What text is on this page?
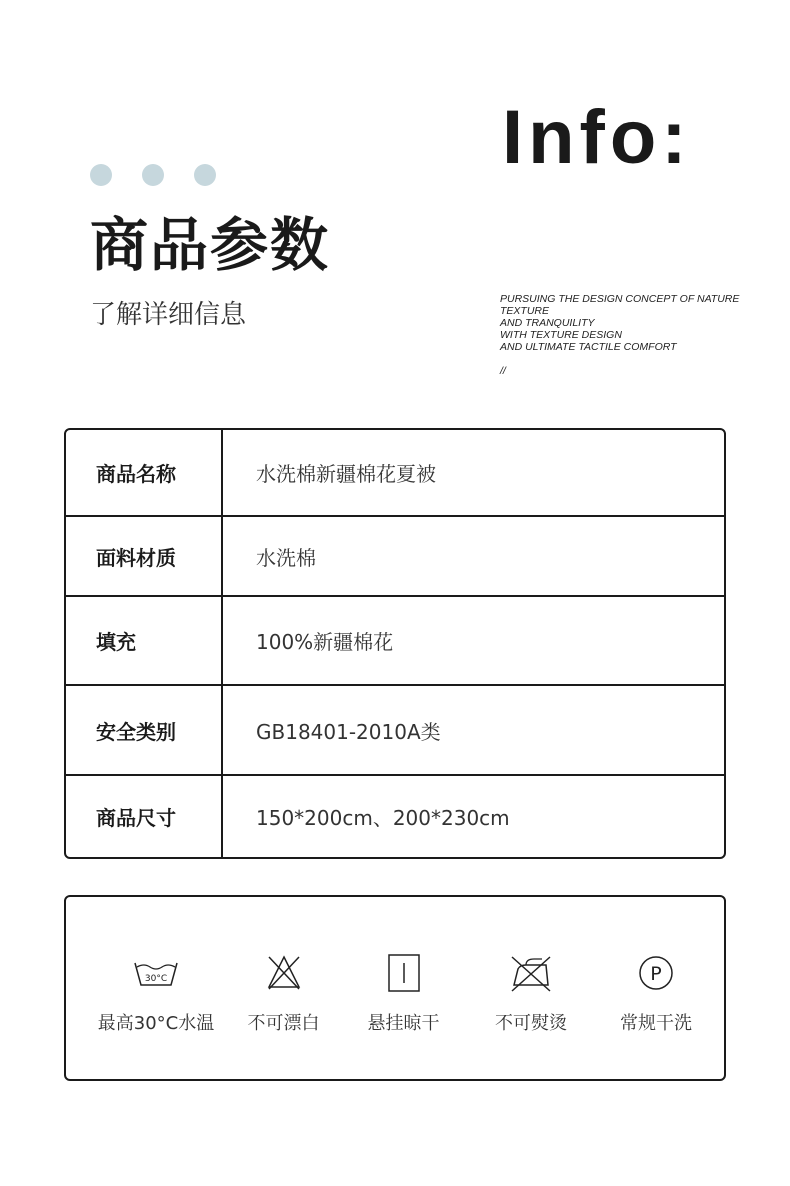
Info:
商品参数
了解详细信息
PURSUING THE DESIGN CONCEPT OF NATURE
TEXTURE
AND TRANQUILITY
WITH TEXTURE DESIGN
AND ULTIMATE TACTILE COMFORT
//
商品名称	水洗棉新疆棉花夏被
面料材质	水洗棉
填充	100%新疆棉花
安全类别	GB18401-2010A类
商品尺寸	150*200cm、200*230cm
30°C
最高30°C水温	不可漂白	悬挂晾干	不可熨烫
P
常规干洗
